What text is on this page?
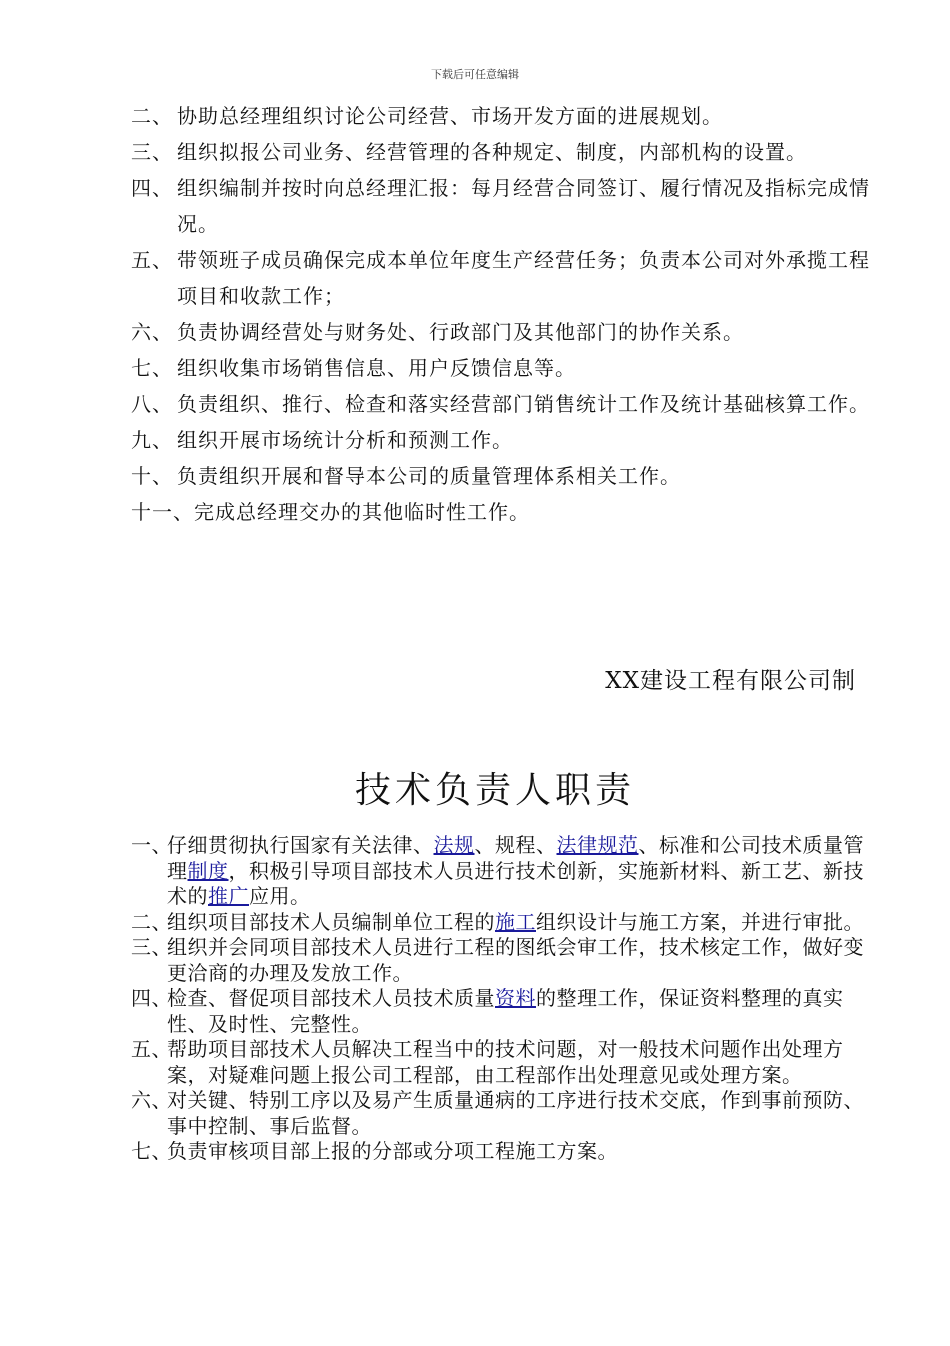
下载后可任意编辑
二、 协助总经理组织讨论公司经营、市场开发方面的进展规划。
三、 组织拟报公司业务、经营管理的各种规定、制度，内部机构的设置。
四、 组织编制并按时向总经理汇报：每月经营合同签订、履行情况及指标完成情况。
五、 带领班子成员确保完成本单位年度生产经营任务；负责本公司对外承揽工程项目和收款工作；
六、 负责协调经营处与财务处、行政部门及其他部门的协作关系。
七、 组织收集市场销售信息、用户反馈信息等。
八、 负责组织、推行、检查和落实经营部门销售统计工作及统计基础核算工作。
九、 组织开展市场统计分析和预测工作。
十、 负责组织开展和督导本公司的质量管理体系相关工作。
十一、完成总经理交办的其他临时性工作。
XX建设工程有限公司制
技术负责人职责
一、
仔细贯彻执行国家有关法律、法规、规程、法律规范、标准和公司技术质量管理制度，积极引导项目部技术人员进行技术创新，实施新材料、新工艺、新技术的推广应用。
二、
组织项目部技术人员编制单位工程的施工组织设计与施工方案，并进行审批。
三、
组织并会同项目部技术人员进行工程的图纸会审工作，技术核定工作，做好变更洽商的办理及发放工作。
四、
检查、督促项目部技术人员技术质量资料的整理工作，保证资料整理的真实性、及时性、完整性。
五、
帮助项目部技术人员解决工程当中的技术问题，对一般技术问题作出处理方案，对疑难问题上报公司工程部，由工程部作出处理意见或处理方案。
六、
对关键、特别工序以及易产生质量通病的工序进行技术交底，作到事前预防、事中控制、事后监督。
七、
负责审核项目部上报的分部或分项工程施工方案。
